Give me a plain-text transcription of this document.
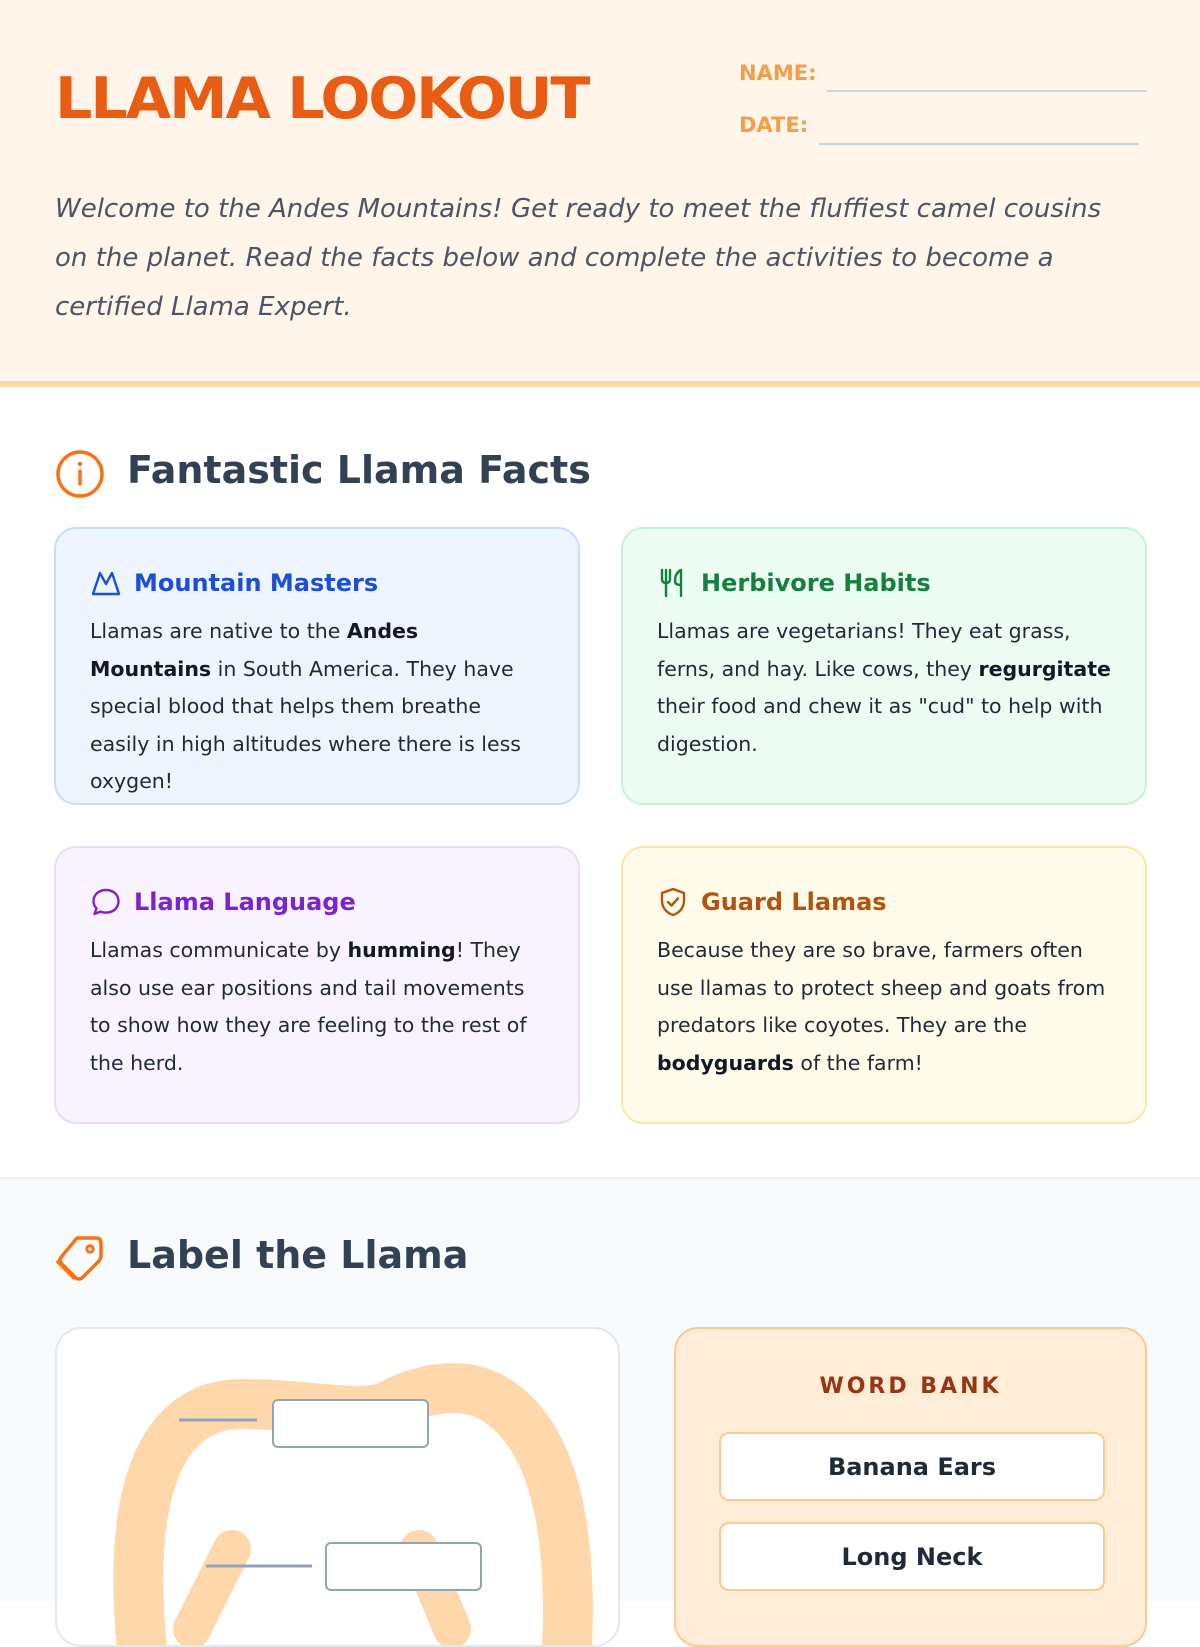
LLAMA LOOKOUT	NAME:
DATE:

Welcome to the Andes Mountains! Get ready to meet the fluffiest camel cousins on the planet. Read the facts below and complete the activities to become a certified Llama Expert.

Fantastic Llama Facts
Mountain Masters

Llamas are native to the Andes Mountains in South America. They have special blood that helps them breathe easily in high altitudes where there is less oxygen!

Herbivore Habits

Llamas are vegetarians! They eat grass, ferns, and hay. Like cows, they regurgitate their food and chew it as "cud" to help with digestion.

Llama Language

Llamas communicate by humming! They also use ear positions and tail movements to show how they are feeling to the rest of the herd.

Guard Llamas

Because they are so brave, farmers often use llamas to protect sheep and goats from predators like coyotes. They are the bodyguards of the farm!

Label the Llama
WORD BANK
Banana Ears
Long Neck
